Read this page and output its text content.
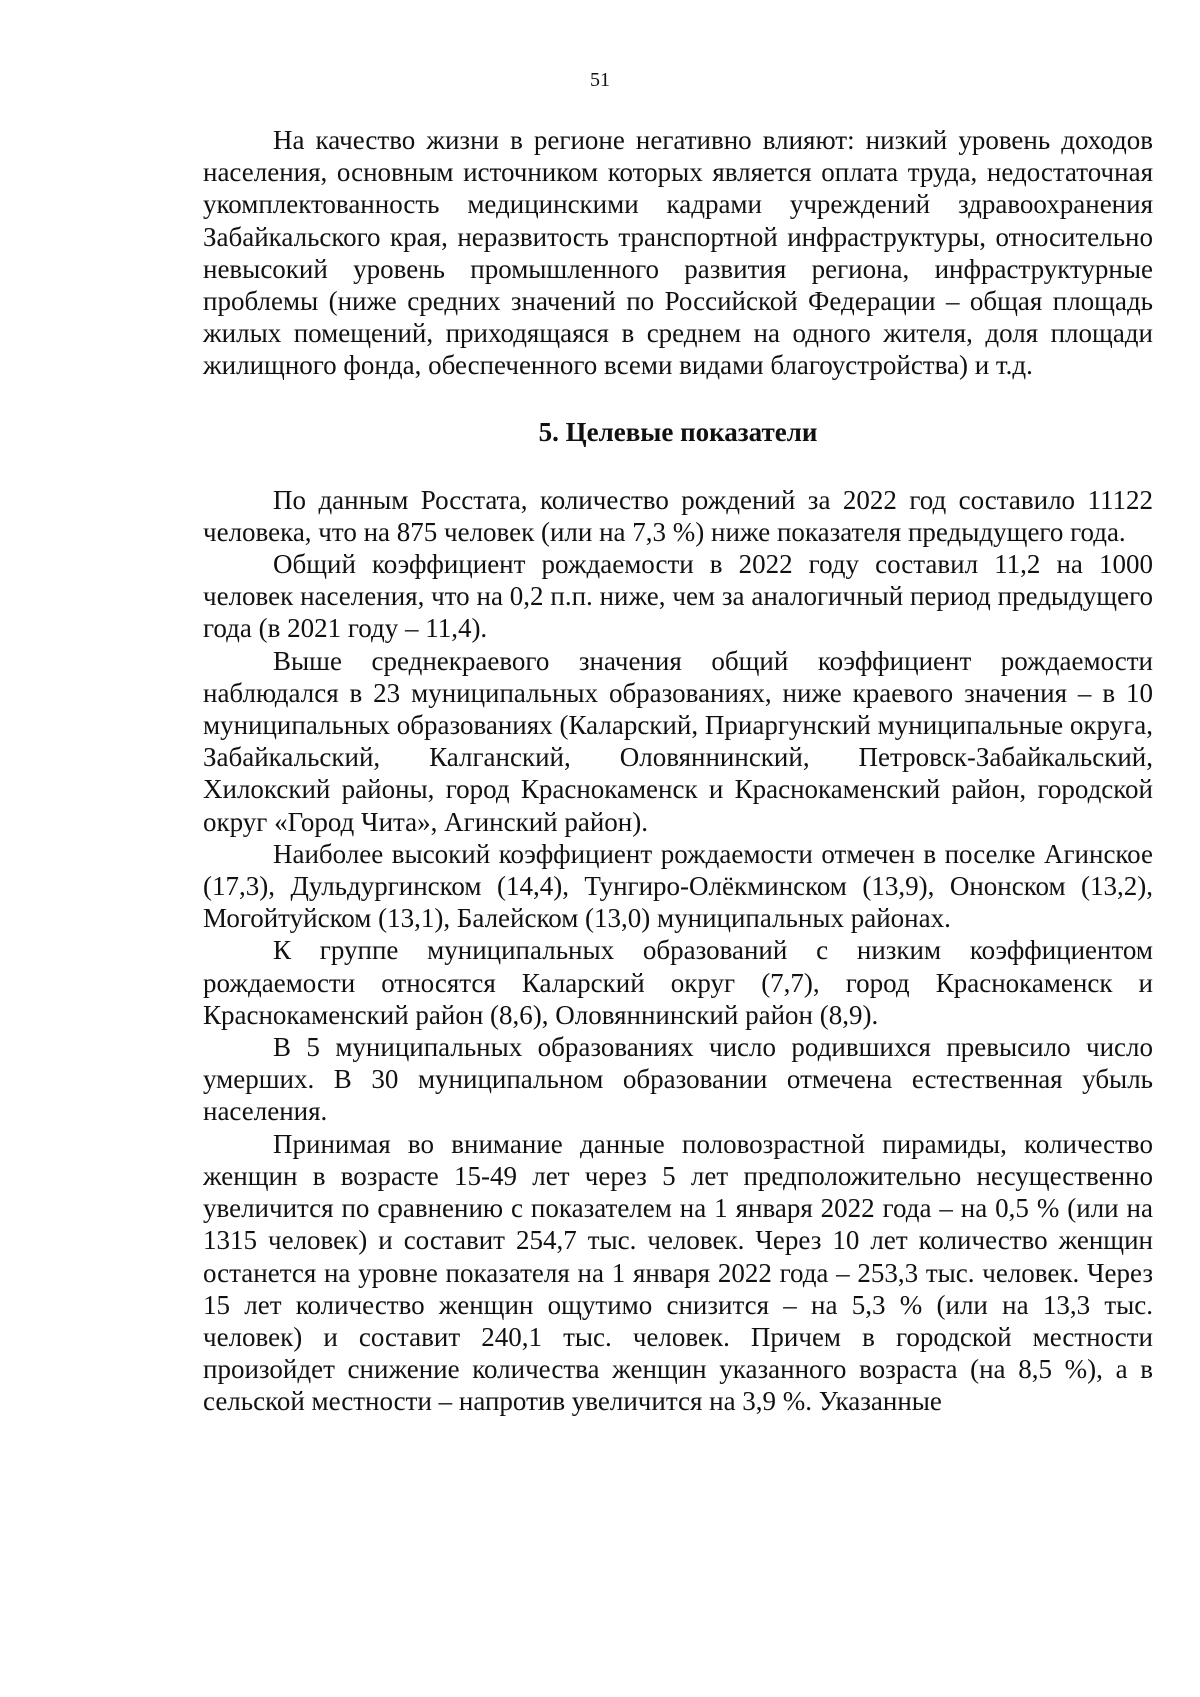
51

На качество жизни в регионе негативно влияют: низкий уровень доходов населения, основным источником которых является оплата труда, недостаточная укомплектованность медицинскими кадрами учреждений здравоохранения Забайкальского края, неразвитость транспортной инфраструктуры, относительно невысокий уровень промышленного развития региона, инфраструктурные проблемы (ниже средних значений по Российской Федерации – общая площадь жилых помещений, приходящаяся в среднем на одного жителя, доля площади жилищного фонда, обеспеченного всеми видами благоустройства) и т.д.

5. Целевые показатели

По данным Росстата, количество рождений за 2022 год составило 11122 человека, что на 875 человек (или на 7,3 %) ниже показателя предыдущего года.

Общий коэффициент рождаемости в 2022 году составил 11,2 на 1000 человек населения, что на 0,2 п.п. ниже, чем за аналогичный период предыдущего года (в 2021 году – 11,4).

Выше среднекраевого значения общий коэффициент рождаемости наблюдался в 23 муниципальных образованиях, ниже краевого значения – в 10 муниципальных образованиях (Каларский, Приаргунский муниципальные округа, Забайкальский, Калганский, Оловяннинский, Петровск-Забайкальский, Хилокский районы, город Краснокаменск и Краснокаменский район, городской округ «Город Чита», Агинский район).

Наиболее высокий коэффициент рождаемости отмечен в поселке Агинское (17,3), Дульдургинском (14,4), Тунгиро-Олёкминском (13,9), Ононском (13,2), Могойтуйском (13,1), Балейском (13,0) муниципальных районах.

К группе муниципальных образований с низким коэффициентом рождаемости относятся Каларский округ (7,7), город Краснокаменск и Краснокаменский район (8,6), Оловяннинский район (8,9).

В 5 муниципальных образованиях число родившихся превысило число умерших. В 30 муниципальном образовании отмечена естественная убыль населения.

Принимая во внимание данные половозрастной пирамиды, количество женщин в возрасте 15-49 лет через 5 лет предположительно несущественно увеличится по сравнению с показателем на 1 января 2022 года – на 0,5 % (или на 1315 человек) и составит 254,7 тыс. человек. Через 10 лет количество женщин останется на уровне показателя на 1 января 2022 года – 253,3 тыс. человек. Через 15 лет количество женщин ощутимо снизится – на 5,3 % (или на 13,3 тыс. человек) и составит 240,1 тыс. человек. Причем в городской местности произойдет снижение количества женщин указанного возраста (на 8,5 %), а в сельской местности – напротив увеличится на 3,9 %. Указанные
